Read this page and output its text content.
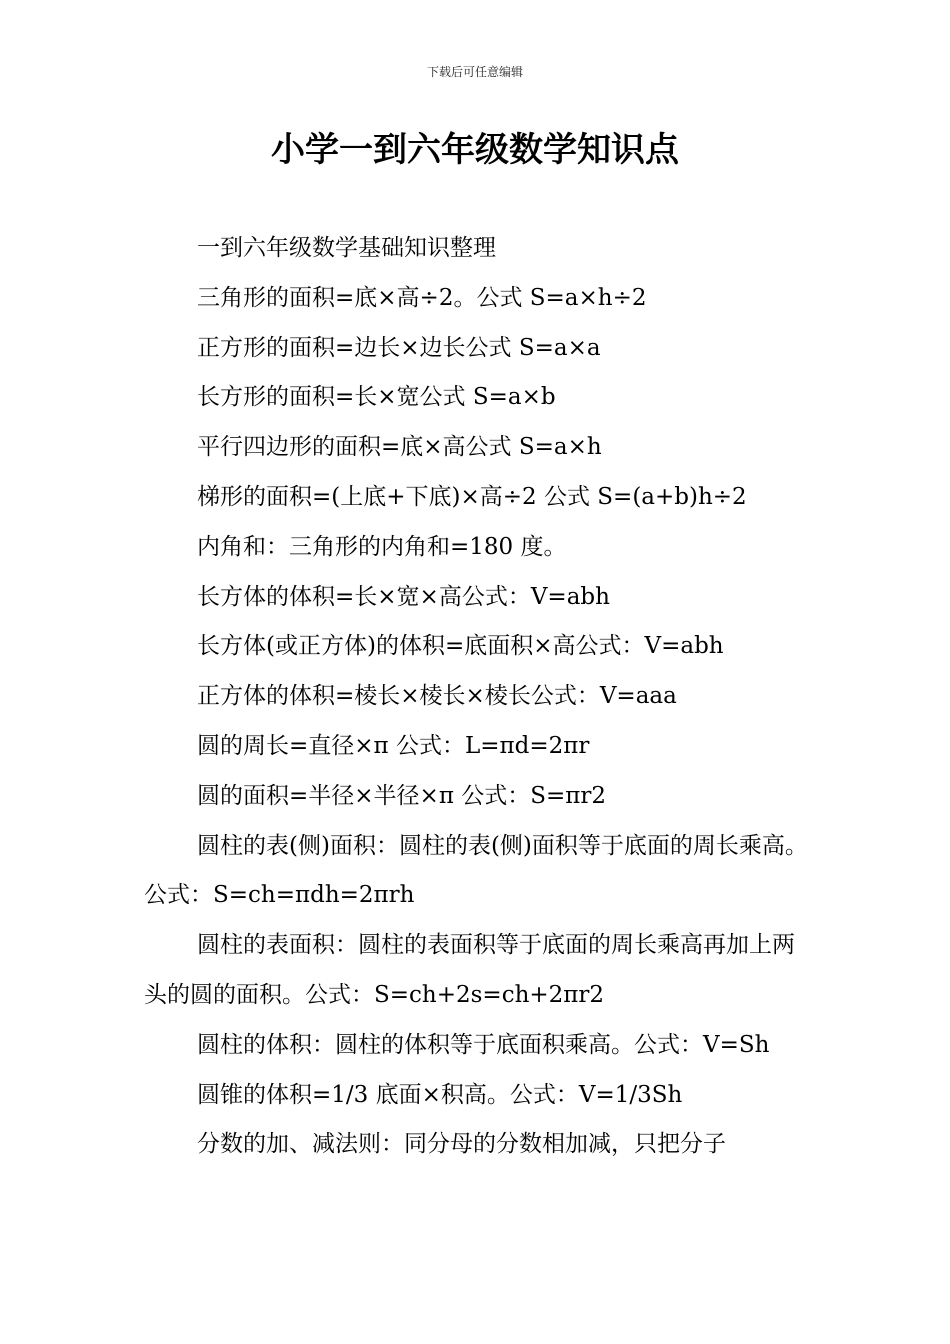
下载后可任意编辑
小学一到六年级数学知识点

一到六年级数学基础知识整理

三角形的面积=底×高÷2。公式 S=a×h÷2

正方形的面积=边长×边长公式 S=a×a

长方形的面积=长×宽公式 S=a×b

平行四边形的面积=底×高公式 S=a×h

梯形的面积=(上底+下底)×高÷2 公式 S=(a+b)h÷2

内角和：三角形的内角和=180 度。

长方体的体积=长×宽×高公式：V=abh

长方体(或正方体)的体积=底面积×高公式：V=abh

正方体的体积=棱长×棱长×棱长公式：V=aaa

圆的周长=直径×π 公式：L=πd=2πr

圆的面积=半径×半径×π 公式：S=πr2

圆柱的表(侧)面积：圆柱的表(侧)面积等于底面的周长乘高。公式：S=ch=πdh=2πrh

圆柱的表面积：圆柱的表面积等于底面的周长乘高再加上两头的圆的面积。公式：S=ch+2s=ch+2πr2

圆柱的体积：圆柱的体积等于底面积乘高。公式：V=Sh

圆锥的体积=1/3 底面×积高。公式：V=1/3Sh

分数的加、减法则：同分母的分数相加减，只把分子
